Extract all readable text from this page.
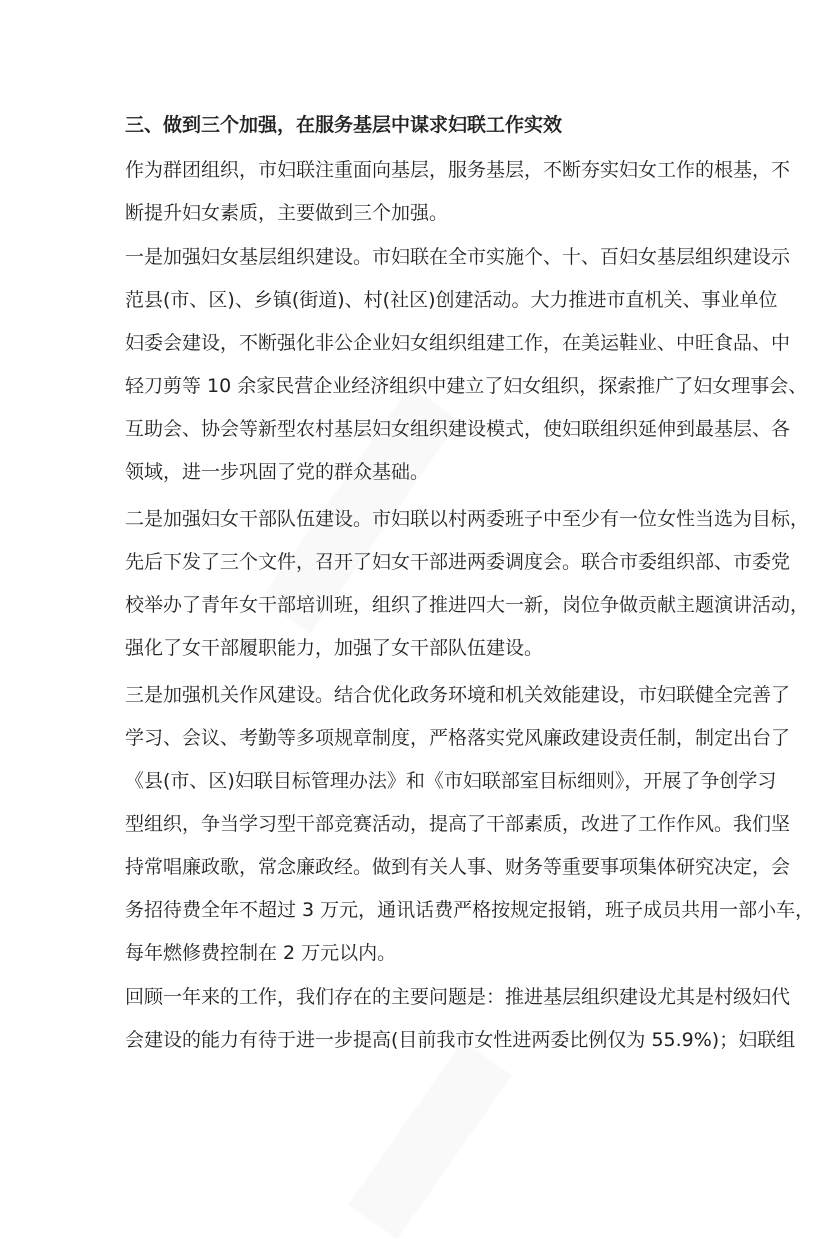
三、做到三个加强，在服务基层中谋求妇联工作实效
作为群团组织，市妇联注重面向基层，服务基层，不断夯实妇女工作的根基，不
断提升妇女素质，主要做到三个加强。
一是加强妇女基层组织建设。市妇联在全市实施个、十、百妇女基层组织建设示
范县(市、区)、乡镇(街道)、村(社区)创建活动。大力推进市直机关、事业单位
妇委会建设，不断强化非公企业妇女组织组建工作，在美运鞋业、中旺食品、中
轻刀剪等 10 余家民营企业经济组织中建立了妇女组织，探索推广了妇女理事会、
互助会、协会等新型农村基层妇女组织建设模式，使妇联组织延伸到最基层、各
领域，进一步巩固了党的群众基础。
二是加强妇女干部队伍建设。市妇联以村两委班子中至少有一位女性当选为目标，
先后下发了三个文件，召开了妇女干部进两委调度会。联合市委组织部、市委党
校举办了青年女干部培训班，组织了推进四大一新，岗位争做贡献主题演讲活动，
强化了女干部履职能力，加强了女干部队伍建设。
三是加强机关作风建设。结合优化政务环境和机关效能建设，市妇联健全完善了
学习、会议、考勤等多项规章制度，严格落实党风廉政建设责任制，制定出台了
《县(市、区)妇联目标管理办法》和《市妇联部室目标细则》，开展了争创学习
型组织，争当学习型干部竞赛活动，提高了干部素质，改进了工作作风。我们坚
持常唱廉政歌，常念廉政经。做到有关人事、财务等重要事项集体研究决定，会
务招待费全年不超过 3 万元，通讯话费严格按规定报销，班子成员共用一部小车，
每年燃修费控制在 2 万元以内。
回顾一年来的工作，我们存在的主要问题是：推进基层组织建设尤其是村级妇代
会建设的能力有待于进一步提高(目前我市女性进两委比例仅为 55.9%)；妇联组
